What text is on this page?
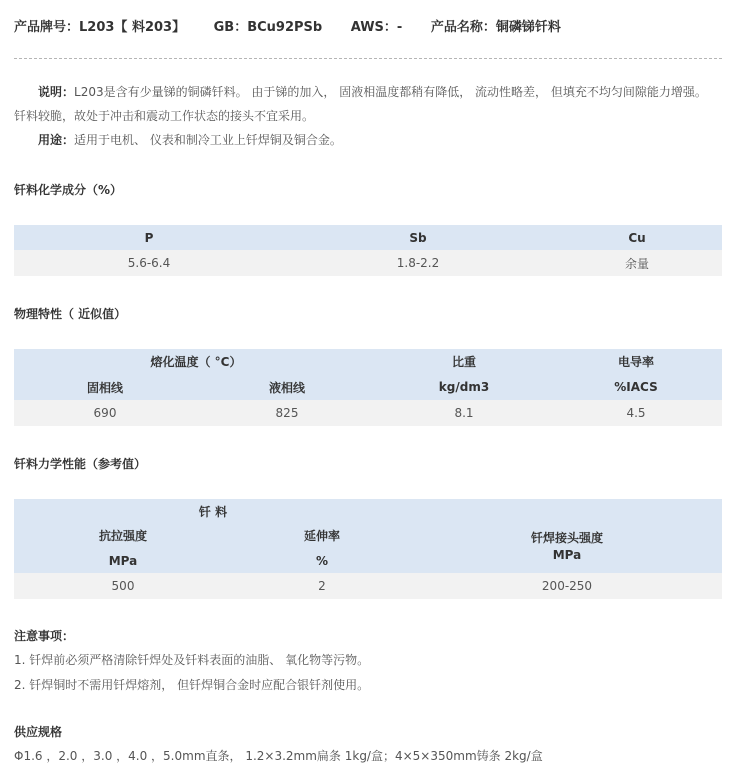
产品牌号：L203【 料203】 GB：BCu92PSb AWS：- 产品名称：铜磷锑钎料
说明：L203是含有少量锑的铜磷钎料。 由于锑的加入， 固液相温度都稍有降低， 流动性略差， 但填充不均匀间隙能力增强。 钎料较脆，故处于冲击和震动工作状态的接头不宜采用。
用途：适用于电机、 仪表和制冷工业上钎焊铜及铜合金。
钎料化学成分（%）
P	Sb	Cu
5.6-6.4	1.8-2.2	余量
物理特性（ 近似值）
熔化温度（ °C）		比重	电导率
固相线	液相线	kg/dm3	%IACS
690	825	8.1	4.5
钎料力学性能（参考值）
钎 料		钎焊接头强度
抗拉强度	延伸率	
MPa	%	MPa
500	2	200-250
注意事项：
1. 钎焊前必须严格清除钎焊处及钎料表面的油脂、 氧化物等污物。
2. 钎焊铜时不需用钎焊熔剂， 但钎焊铜合金时应配合银钎剂使用。
供应规格
Φ1.6 ，2.0 ，3.0 ，4.0 ，5.0mm直条， 1.2×3.2mm扁条 1kg/盒；4×5×350mm铸条 2kg/盒
